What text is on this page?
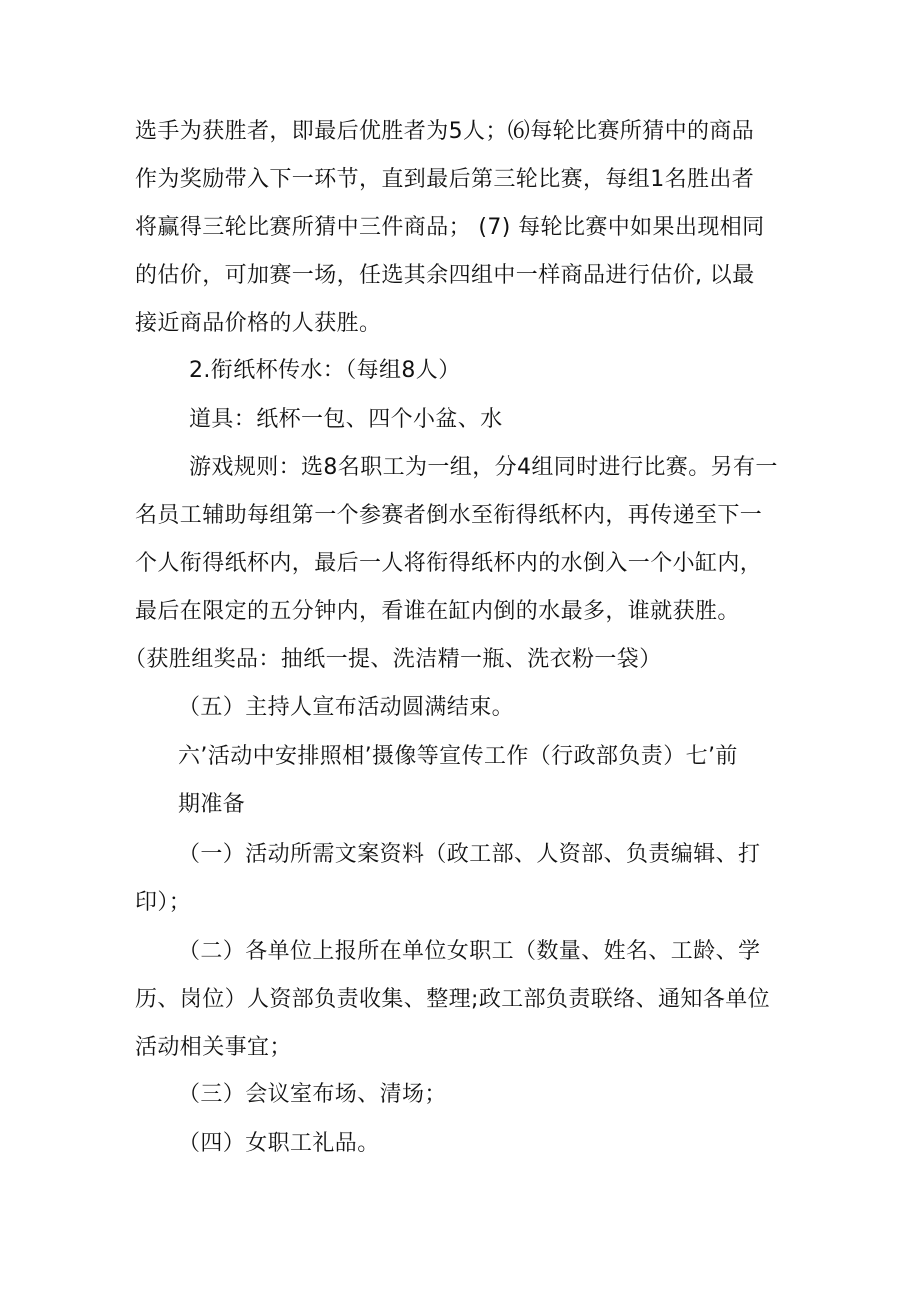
选手为获胜者，即最后优胜者为5人；⑹每轮比赛所猜中的商品
作为奖励带入下一环节，直到最后第三轮比赛，每组1名胜出者
将赢得三轮比赛所猜中三件商品； (7) 每轮比赛中如果出现相同
的估价，可加赛一场，任选其余四组中一样商品进行估价, 以最
接近商品价格的人获胜。
2.衔纸杯传水：（每组8人）
道具：纸杯一包、四个小盆、水
游戏规则：选8名职工为一组，分4组同时进行比赛。另有一
名员工辅助每组第一个参赛者倒水至衔得纸杯内，再传递至下一
个人衔得纸杯内，最后一人将衔得纸杯内的水倒入一个小缸内，
最后在限定的五分钟内，看谁在缸内倒的水最多，谁就获胜。
（获胜组奖品：抽纸一提、洗洁精一瓶、洗衣粉一袋）
（五）主持人宣布活动圆满结束。
六’活动中安排照相’摄像等宣传工作（行政部负责）七’前
期准备
（一）活动所需文案资料（政工部、人资部、负责编辑、打
印）；
（二）各单位上报所在单位女职工（数量、姓名、工龄、学
历、岗位）人资部负责收集、整理;政工部负责联络、通知各单位
活动相关事宜；
（三）会议室布场、清场；
（四）女职工礼品。
